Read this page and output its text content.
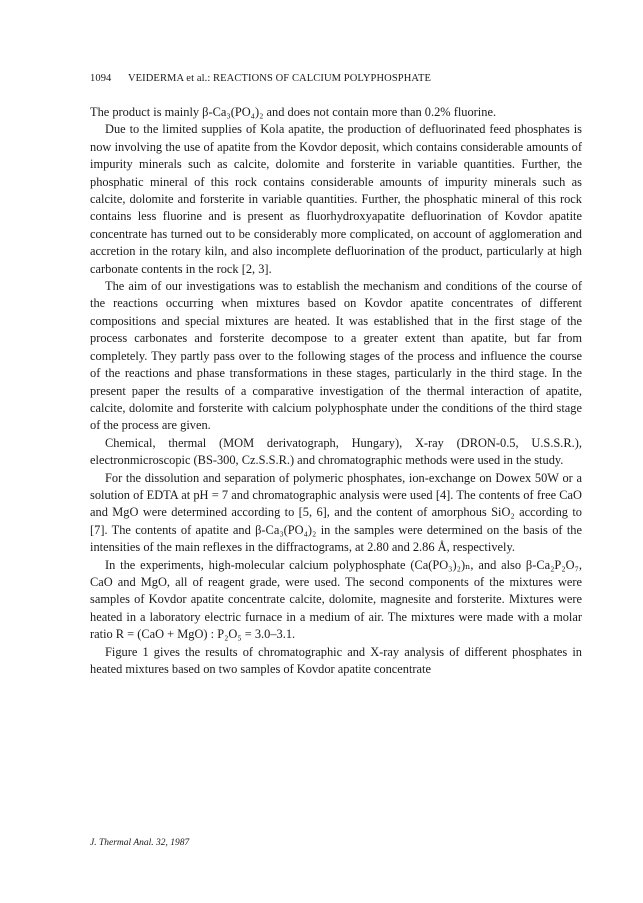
1094 VEIDERMA et al.: REACTIONS OF CALCIUM POLYPHOSPHATE

The product is mainly β-Ca₃(PO₄)₂ and does not contain more than 0.2% fluorine.

Due to the limited supplies of Kola apatite, the production of defluorinated feed phosphates is now involving the use of apatite from the Kovdor deposit, which contains considerable amounts of impurity minerals such as calcite, dolomite and forsterite in variable quantities. Further, the phosphatic mineral of this rock contains considerable amounts of impurity minerals such as calcite, dolomite and forsterite in variable quantities. Further, the phosphatic mineral of this rock contains less fluorine and is present as fluorhydroxyapatite defluorination of Kovdor apatite concentrate has turned out to be considerably more complicated, on account of agglomeration and accretion in the rotary kiln, and also incomplete defluorination of the product, particularly at high carbonate contents in the rock [2, 3].

The aim of our investigations was to establish the mechanism and conditions of the course of the reactions occurring when mixtures based on Kovdor apatite concentrates of different compositions and special mixtures are heated. It was established that in the first stage of the process carbonates and forsterite decompose to a greater extent than apatite, but far from completely. They partly pass over to the following stages of the process and influence the course of the reactions and phase transformations in these stages, particularly in the third stage. In the present paper the results of a comparative investigation of the thermal interaction of apatite, calcite, dolomite and forsterite with calcium polyphosphate under the conditions of the third stage of the process are given.

Chemical, thermal (MOM derivatograph, Hungary), X-ray (DRON-0.5, U.S.S.R.), electronmicroscopic (BS-300, Cz.S.S.R.) and chromatographic methods were used in the study.

For the dissolution and separation of polymeric phosphates, ion-exchange on Dowex 50W or a solution of EDTA at pH = 7 and chromatographic analysis were used [4]. The contents of free CaO and MgO were determined according to [5, 6], and the content of amorphous SiO₂ according to [7]. The contents of apatite and β-Ca₃(PO₄)₂ in the samples were determined on the basis of the intensities of the main reflexes in the diffractograms, at 2.80 and 2.86 Å, respectively.

In the experiments, high-molecular calcium polyphosphate (Ca(PO₃)₂)ₙ, and also β-Ca₂P₂O₇, CaO and MgO, all of reagent grade, were used. The second components of the mixtures were samples of Kovdor apatite concentrate calcite, dolomite, magnesite and forsterite. Mixtures were heated in a laboratory electric furnace in a medium of air. The mixtures were made with a molar ratio R = (CaO + MgO) : P₂O₅ = 3.0–3.1.

Figure 1 gives the results of chromatographic and X-ray analysis of different phosphates in heated mixtures based on two samples of Kovdor apatite concentrate

J. Thermal Anal. 32, 1987
